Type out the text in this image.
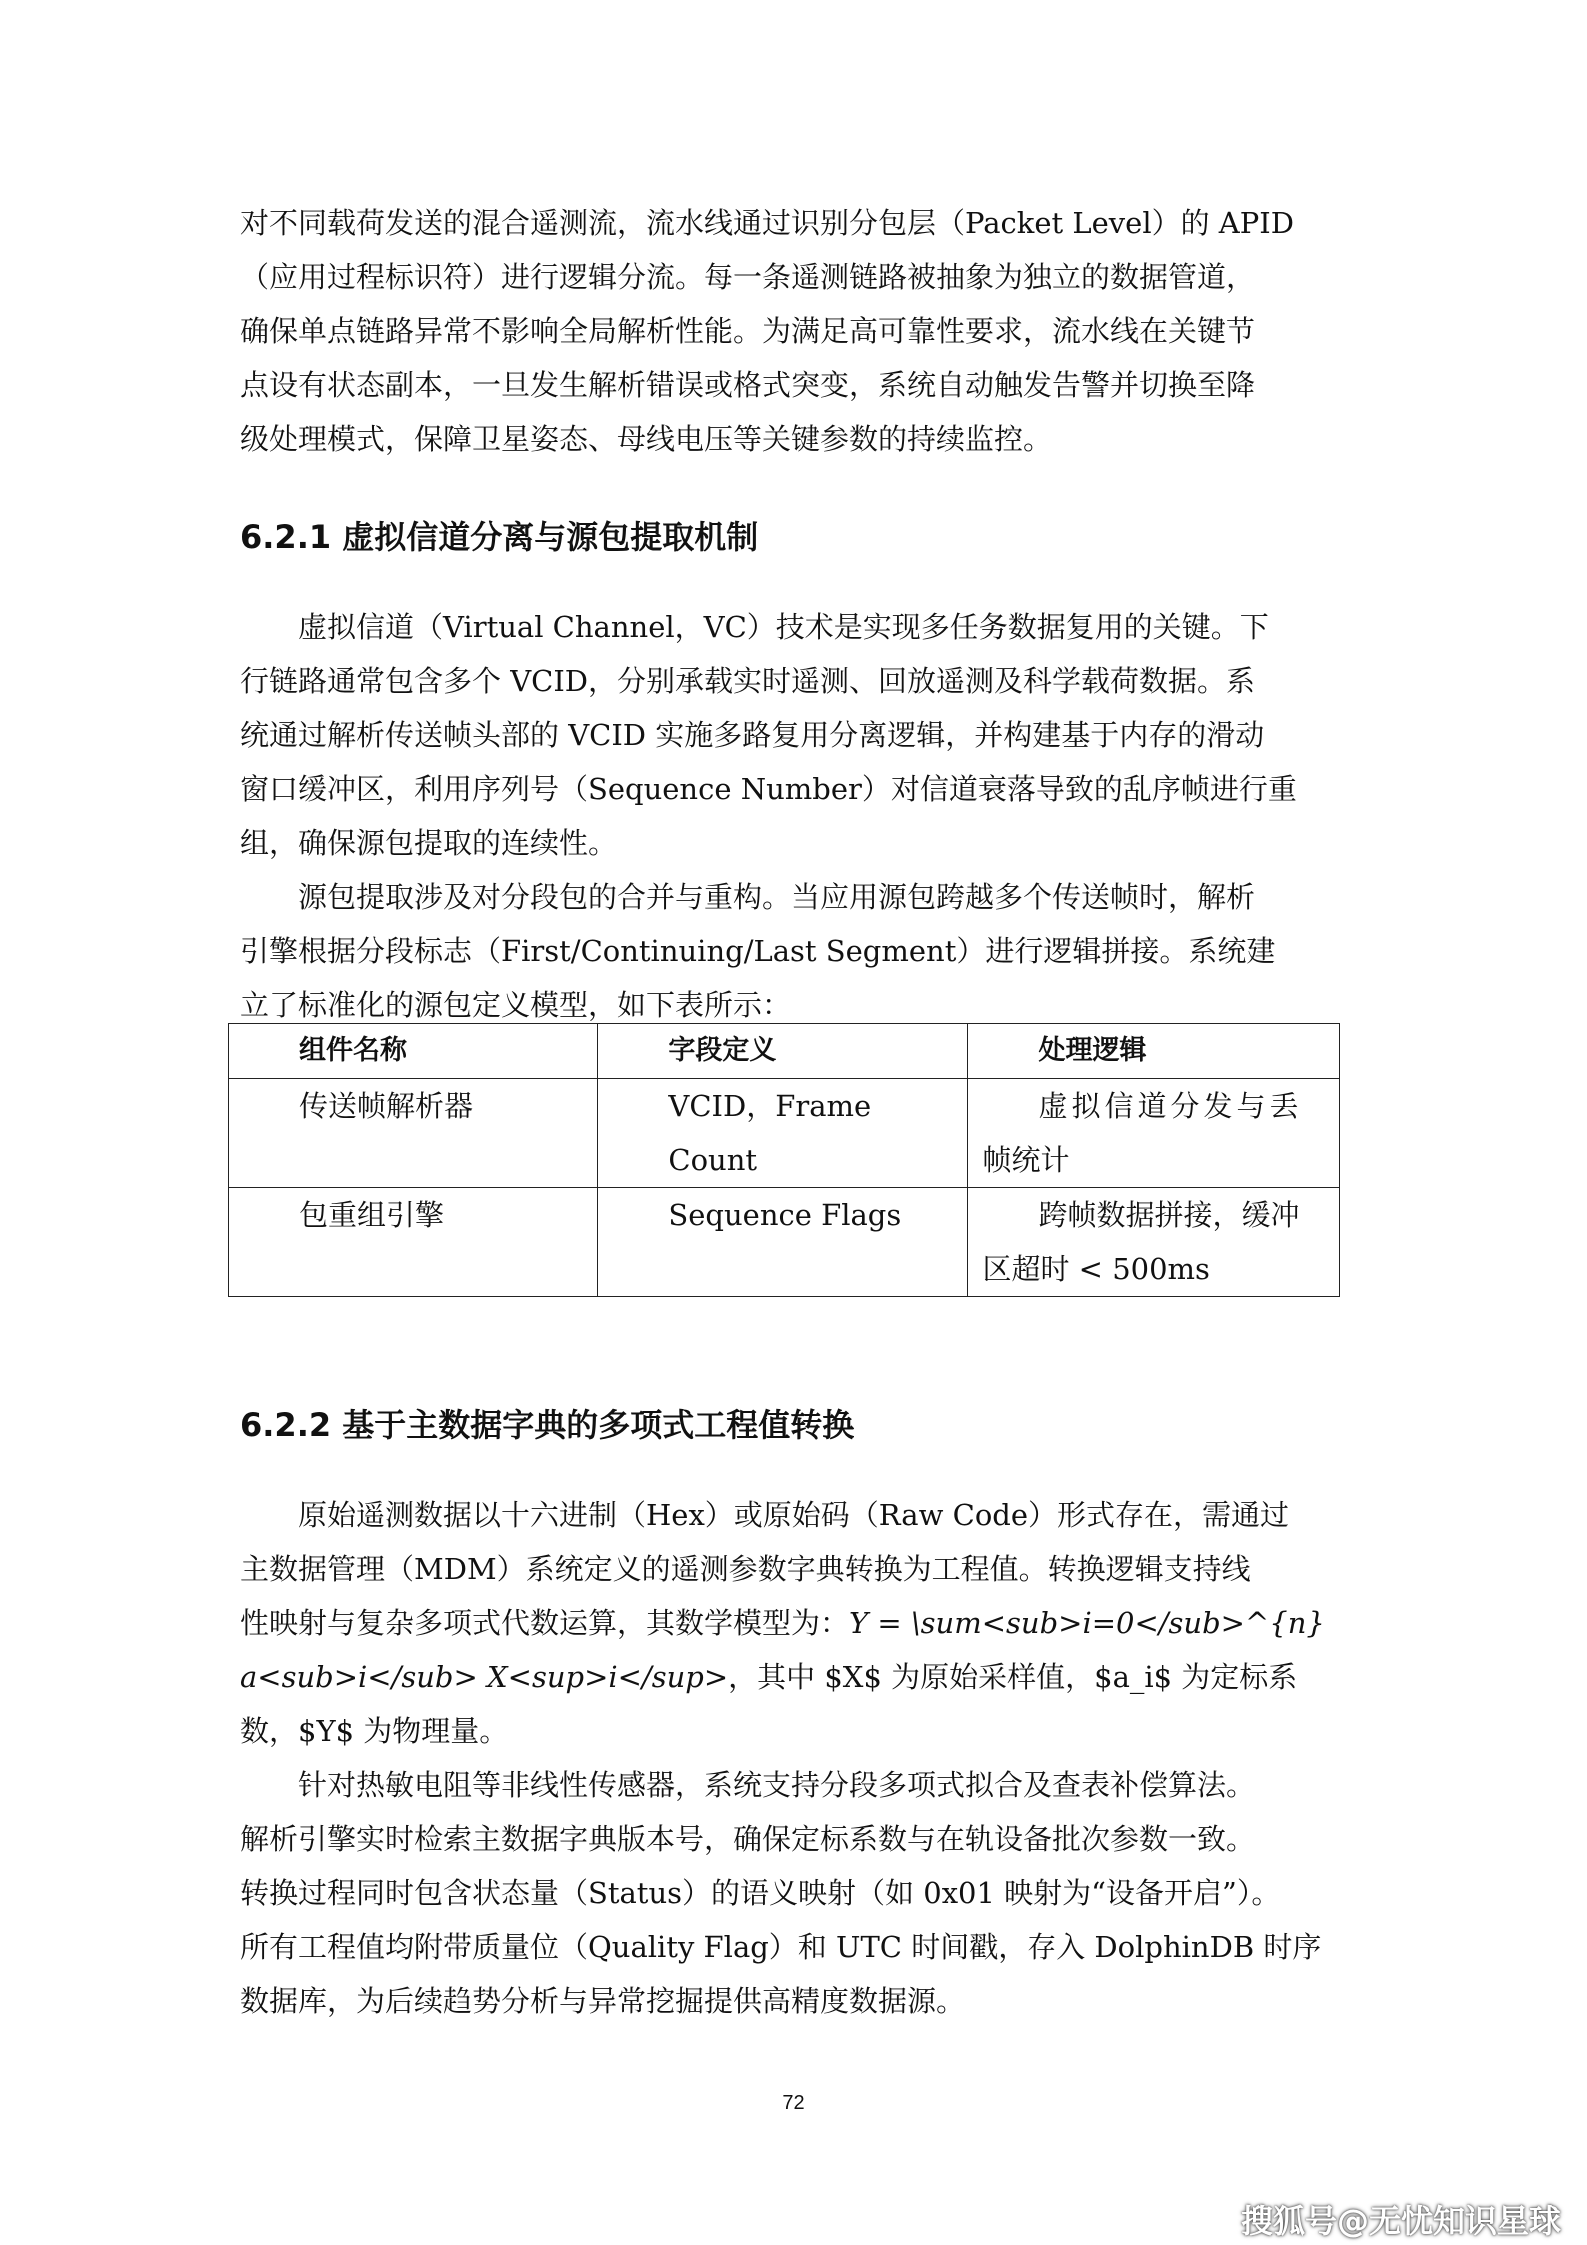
对不同载荷发送的混合遥测流，流水线通过识别分包层（Packet Level）的 APID
（应用过程标识符）进行逻辑分流。每一条遥测链路被抽象为独立的数据管道，
确保单点链路异常不影响全局解析性能。为满足高可靠性要求，流水线在关键节
点设有状态副本，一旦发生解析错误或格式突变，系统自动触发告警并切换至降
级处理模式，保障卫星姿态、母线电压等关键参数的持续监控。
6.2.1 虚拟信道分离与源包提取机制
虚拟信道（Virtual Channel，VC）技术是实现多任务数据复用的关键。下
行链路通常包含多个 VCID，分别承载实时遥测、回放遥测及科学载荷数据。系
统通过解析传送帧头部的 VCID 实施多路复用分离逻辑，并构建基于内存的滑动
窗口缓冲区，利用序列号（Sequence Number）对信道衰落导致的乱序帧进行重
组，确保源包提取的连续性。
源包提取涉及对分段包的合并与重构。当应用源包跨越多个传送帧时，解析
引擎根据分段标志（First/Continuing/Last Segment）进行逻辑拼接。系统建
立了标准化的源包定义模型，如下表所示：
组件名称	字段定义	处理逻辑

传送帧解析器	VCID，Frame Count	虚拟信道分发与丢
帧统计

包重组引擎	Sequence Flags	跨帧数据拼接，缓冲
区超时 < 500ms
6.2.2 基于主数据字典的多项式工程值转换
原始遥测数据以十六进制（Hex）或原始码（Raw Code）形式存在，需通过
主数据管理（MDM）系统定义的遥测参数字典转换为工程值。转换逻辑支持线
性映射与复杂多项式代数运算，其数学模型为：Y = \sum<sub>i=0</sub>^{n}
a<sub>i</sub> X<sup>i</sup>，其中 $X$ 为原始采样值，$a_i$ 为定标系
数，$Y$ 为物理量。
针对热敏电阻等非线性传感器，系统支持分段多项式拟合及查表补偿算法。
解析引擎实时检索主数据字典版本号，确保定标系数与在轨设备批次参数一致。
转换过程同时包含状态量（Status）的语义映射（如 0x01 映射为“设备开启”）。
所有工程值均附带质量位（Quality Flag）和 UTC 时间戳，存入 DolphinDB 时序
数据库，为后续趋势分析与异常挖掘提供高精度数据源。
72
搜狐号@无忧知识星球
